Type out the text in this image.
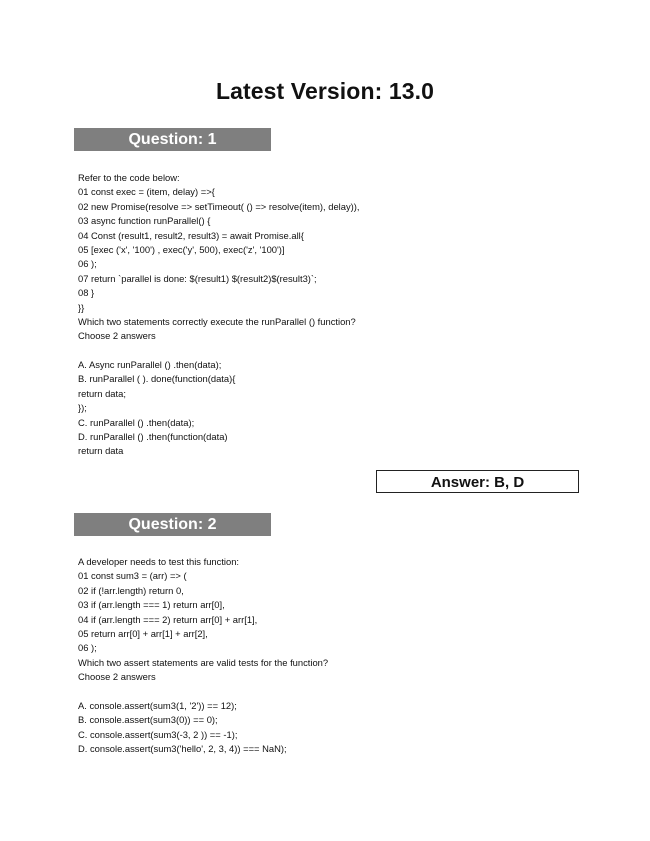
Latest Version: 13.0
Question: 1
Refer to the code below:
01 const exec = (item, delay) =>{
02 new Promise(resolve => setTimeout( () => resolve(item), delay)),
03 async function runParallel() {
04 Const (result1, result2, result3) = await Promise.all{
05 [exec ('x', '100') , exec('y', 500), exec('z', '100')]
06 );
07 return `parallel is done: $(result1) $(result2)$(result3)`;
08 }
}}
Which two statements correctly execute the runParallel () function?
Choose 2 answers
A. Async runParallel () .then(data);
B. runParallel ( ). done(function(data){
return data;
});
C. runParallel () .then(data);
D. runParallel () .then(function(data)
return data
Answer: B, D
Question: 2
A developer needs to test this function:
01 const sum3 = (arr) => (
02 if (!arr.length) return 0,
03 if (arr.length === 1) return arr[0],
04 if (arr.length === 2) return arr[0] + arr[1],
05 return arr[0] + arr[1] + arr[2],
06 );
Which two assert statements are valid tests for the function?
Choose 2 answers
A. console.assert(sum3(1, '2')) == 12);
B. console.assert(sum3(0)) == 0);
C. console.assert(sum3(-3, 2 )) == -1);
D. console.assert(sum3('hello', 2, 3, 4)) === NaN);
